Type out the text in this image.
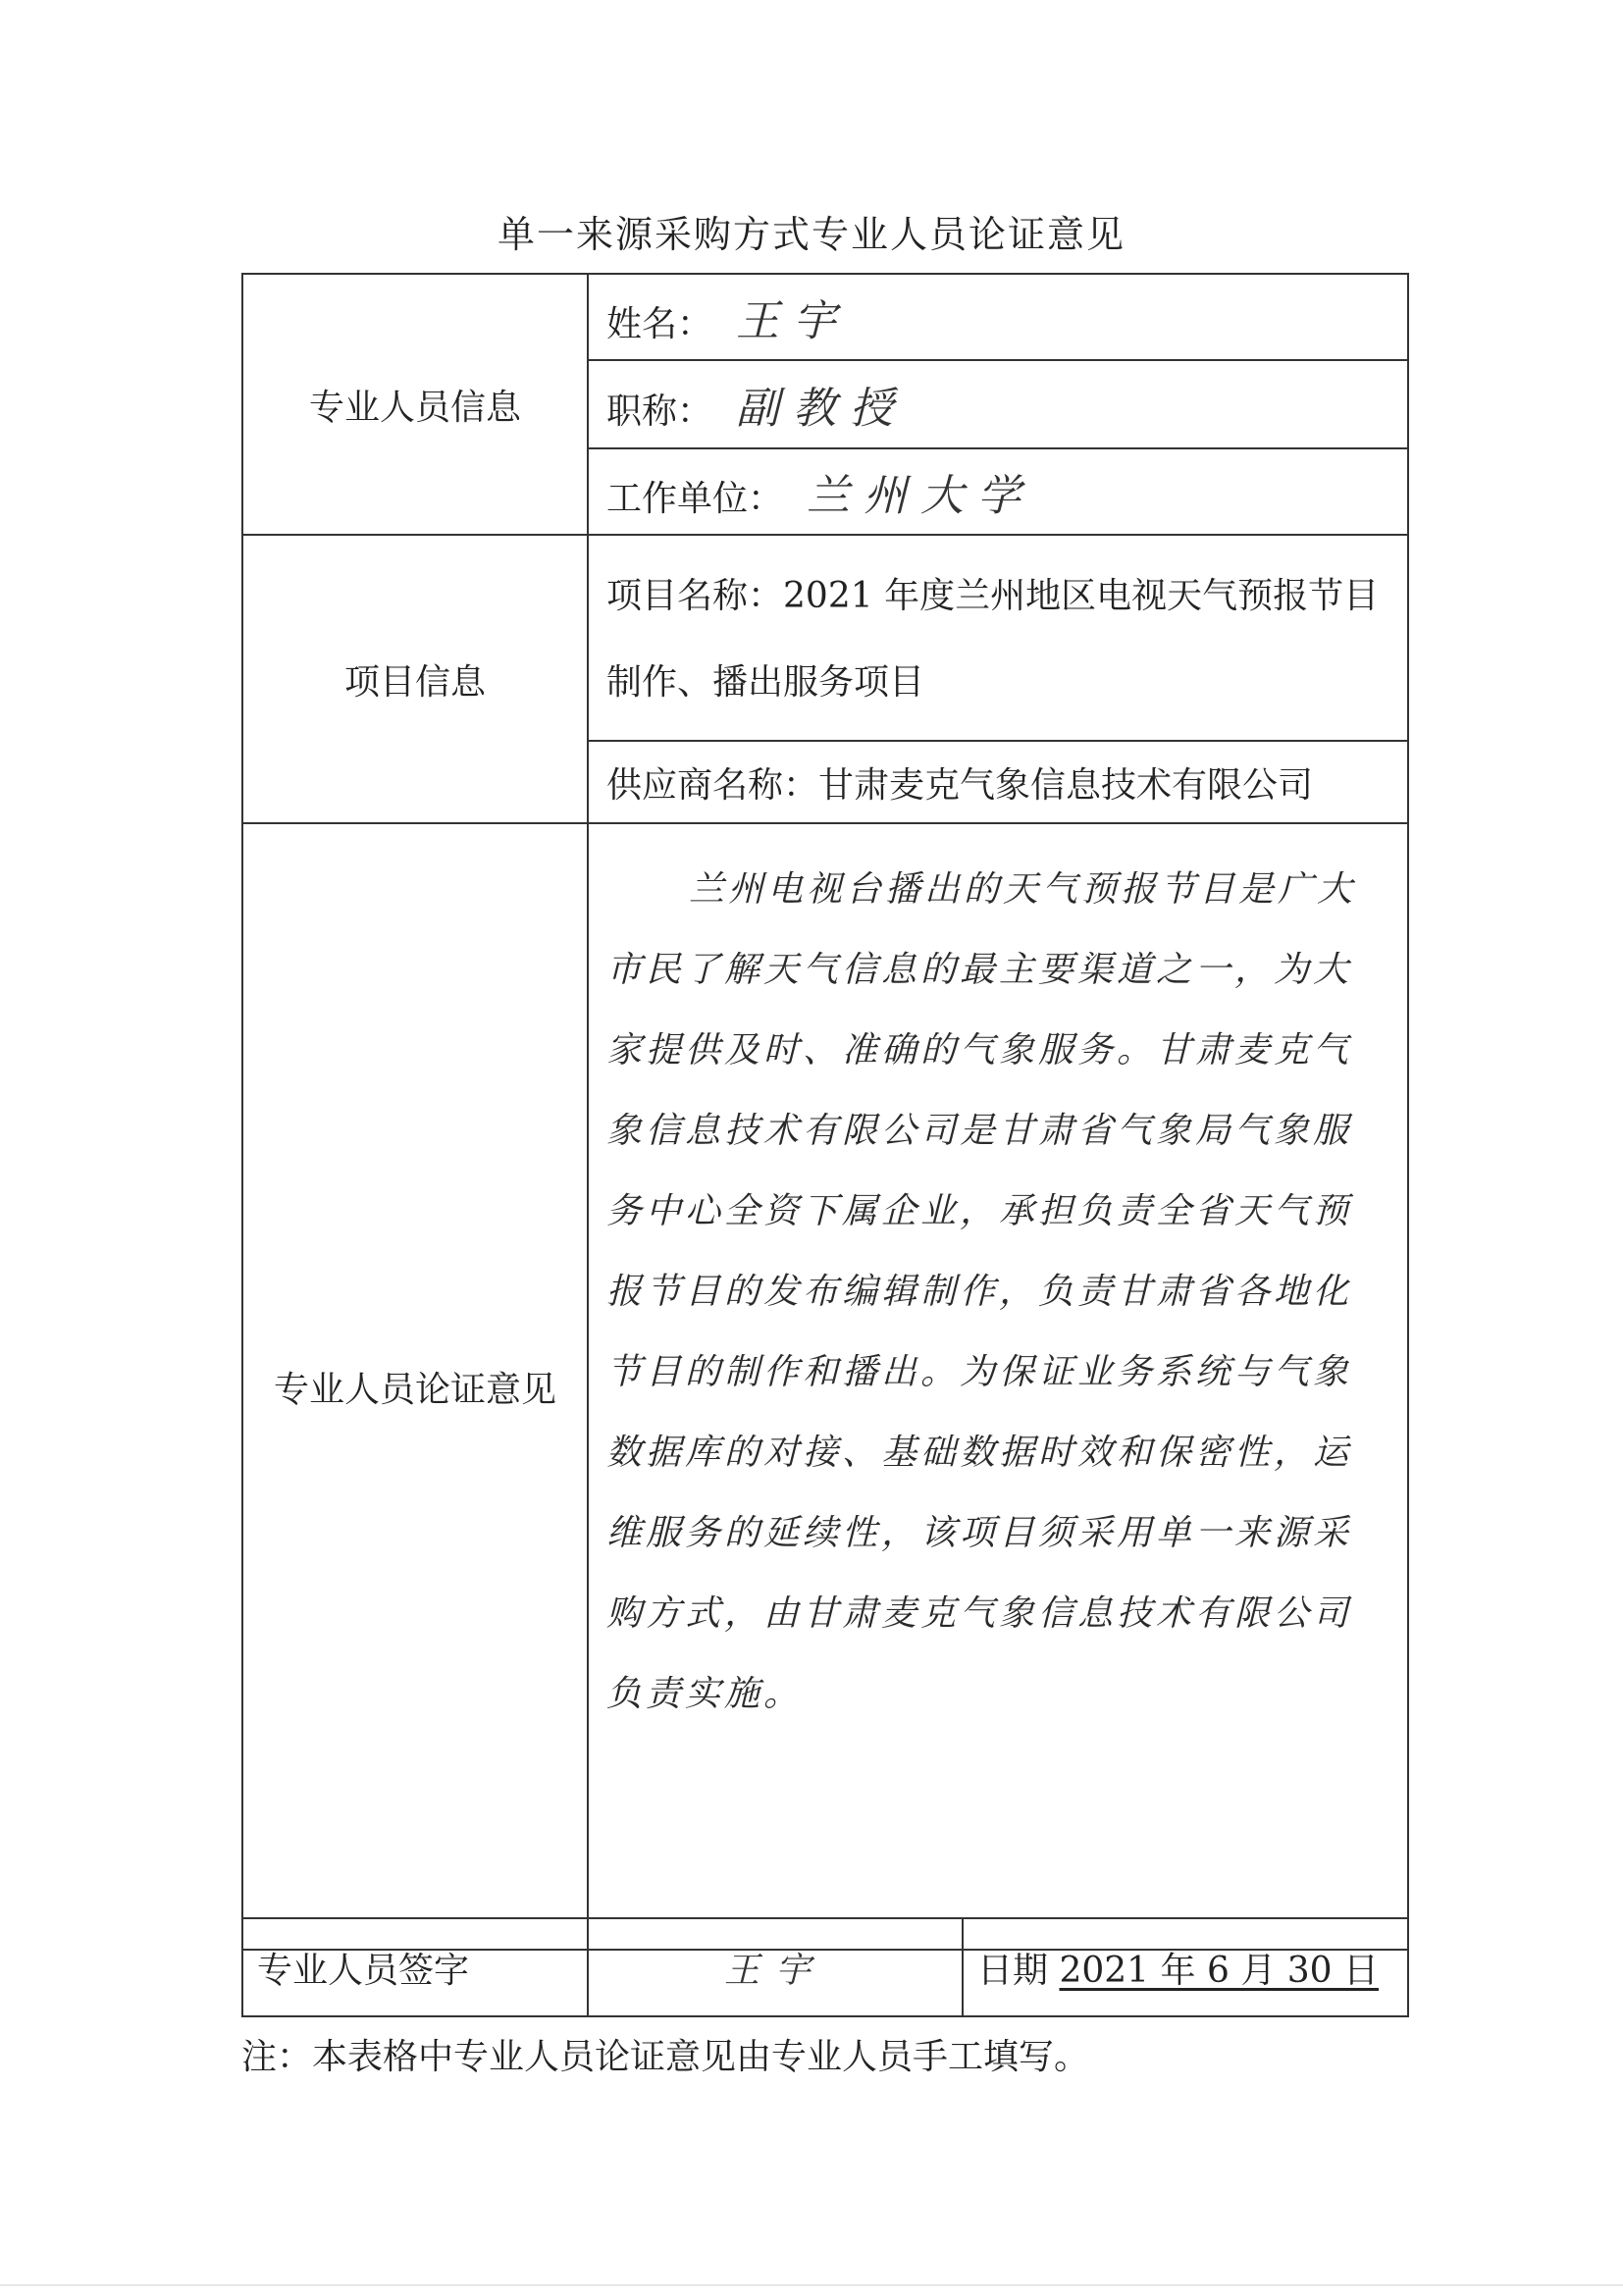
单一来源采购方式专业人员论证意见
专业人员信息	姓名： 王宇
	职称： 副教授
	工作单位： 兰州大学
项目信息	项目名称：2021 年度兰州地区电视天气预报节目制作、播出服务项目
	供应商名称：甘肃麦克气象信息技术有限公司
专业人员论证意见	兰州电视台播出的天气预报节目是广大市民了解天气信息的最主要渠道之一，为大家提供及时、准确的气象服务。甘肃麦克气象信息技术有限公司是甘肃省气象局气象服务中心全资下属企业，承担负责全省天气预报节目的发布编辑制作，负责甘肃省各地化节目的制作和播出。为保证业务系统与气象数据库的对接、基础数据时效和保密性，运维服务的延续性，该项目须采用单一来源采购方式，由甘肃麦克气象信息技术有限公司负责实施。
专业人员签字	王宇	日期 2021 年 6 月 30 日
注：本表格中专业人员论证意见由专业人员手工填写。
